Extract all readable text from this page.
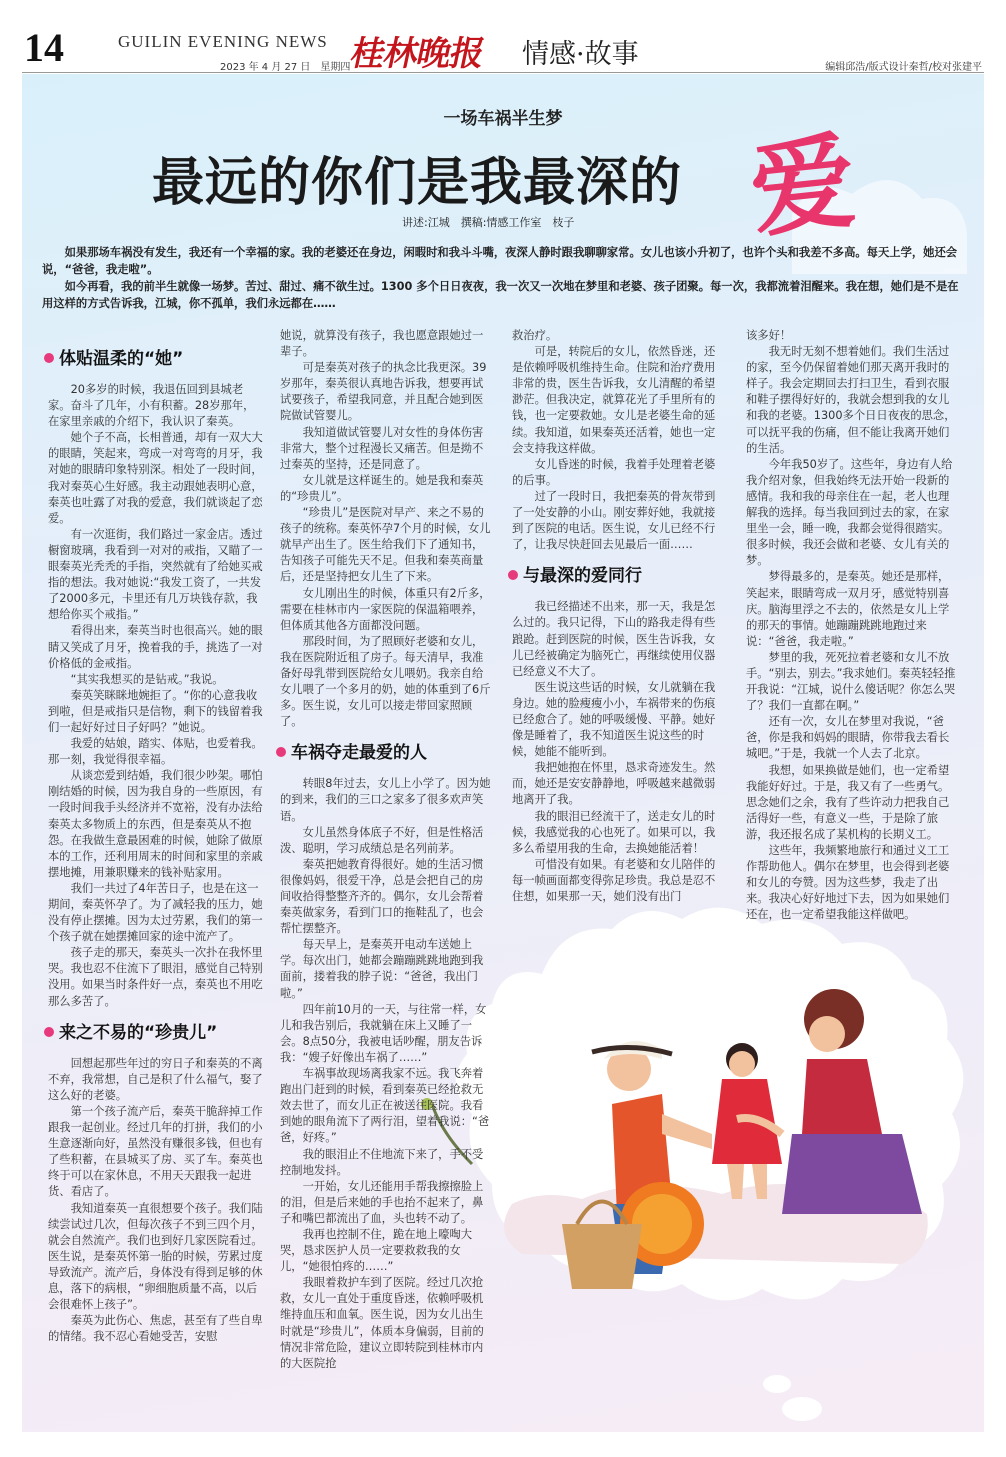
14	GUILIN EVENING NEWS
2023 年 4 月 27 日　星期四
桂林晚报 情感·故事	编辑邱浩/版式设计秦哲/校对张建平
一场车祸半生梦
最远的你们是我最深的 爱
讲述:江城　撰稿:情感工作室　枝子

如果那场车祸没有发生，我还有一个幸福的家。我的老婆还在身边，闲暇时和我斗斗嘴，夜深人静时跟我聊聊家常。女儿也该小升初了，也许个头和我差不多高。每天上学，她还会说，“爸爸，我走啦”。

如今再看，我的前半生就像一场梦。苦过、甜过、痛不欲生过。1300 多个日日夜夜，我一次又一次地在梦里和老婆、孩子团聚。每一次，我都流着泪醒来。我在想，她们是不是在用这样的方式告诉我，江城，你不孤单，我们永远都在……

体贴温柔的“她”

20多岁的时候，我退伍回到县城老家。奋斗了几年，小有积蓄。28岁那年，在家里亲戚的介绍下，我认识了秦英。

她个子不高，长相普通，却有一双大大的眼睛，笑起来，弯成一对弯弯的月牙，我对她的眼睛印象特别深。相处了一段时间，我对秦英心生好感。我主动跟她表明心意，秦英也吐露了对我的爱意，我们就谈起了恋爱。

有一次逛街，我们路过一家金店。透过橱窗玻璃，我看到一对对的戒指，又瞄了一眼秦英光秃秃的手指，突然就有了给她买戒指的想法。我对她说:“我发工资了，一共发了2000多元，卡里还有几万块钱存款，我想给你买个戒指。”

看得出来，秦英当时也很高兴。她的眼睛又笑成了月牙，挽着我的手，挑选了一对价格低的金戒指。

“其实我想买的是钻戒。”我说。

秦英笑眯眯地婉拒了。“你的心意我收到啦，但是戒指只是信物，剩下的钱留着我们一起好好过日子好吗？”她说。

我爱的姑娘，踏实、体贴，也爱着我。那一刻，我觉得很幸福。

从谈恋爱到结婚，我们很少吵架。哪怕刚结婚的时候，因为我自身的一些原因，有一段时间我手头经济并不宽裕，没有办法给秦英太多物质上的东西，但是秦英从不抱怨。在我做生意最困难的时候，她除了做原本的工作，还利用周末的时间和家里的亲戚摆地摊，用兼职赚来的钱补贴家用。

我们一共过了4年苦日子，也是在这一期间，秦英怀孕了。为了减轻我的压力，她没有停止摆摊。因为太过劳累，我们的第一个孩子就在她摆摊回家的途中流产了。

孩子走的那天，秦英头一次扑在我怀里哭。我也忍不住流下了眼泪，感觉自己特别没用。如果当时条件好一点，秦英也不用吃那么多苦了。

来之不易的“珍贵儿”

回想起那些年过的穷日子和秦英的不离不弃，我常想，自己是积了什么福气，娶了这么好的老婆。

第一个孩子流产后，秦英干脆辞掉工作跟我一起创业。经过几年的打拼，我们的小生意逐渐向好，虽然没有赚很多钱，但也有了些积蓄，在县城买了房、买了车。秦英也终于可以在家休息，不用天天跟我一起进货、看店了。

我知道秦英一直很想要个孩子。我们陆续尝试过几次，但每次孩子不到三四个月，就会自然流产。我们也到好几家医院看过。医生说，是秦英怀第一胎的时候，劳累过度导致流产。流产后，身体没有得到足够的休息，落下的病根，“卵细胞质量不高，以后会很难怀上孩子”。

秦英为此伤心、焦虑，甚至有了些自卑的情绪。我不忍心看她受苦，安慰

她说，就算没有孩子，我也愿意跟她过一辈子。

可是秦英对孩子的执念比我更深。39岁那年，秦英很认真地告诉我，想要再试试要孩子，希望我同意，并且配合她到医院做试管婴儿。

我知道做试管婴儿对女性的身体伤害非常大，整个过程漫长又痛苦。但是拗不过秦英的坚持，还是同意了。

女儿就是这样诞生的。她是我和秦英的“珍贵儿”。

“珍贵儿”是医院对早产、来之不易的孩子的统称。秦英怀孕7个月的时候，女儿就早产出生了。医生给我们下了通知书，告知孩子可能先天不足。但我和秦英商量后，还是坚持把女儿生了下来。

女儿刚出生的时候，体重只有2斤多，需要在桂林市内一家医院的保温箱喂养，但体质其他各方面都没问题。

那段时间，为了照顾好老婆和女儿，我在医院附近租了房子。每天清早，我准备好母乳带到医院给女儿喂奶。我亲自给女儿喂了一个多月的奶，她的体重到了6斤多。医生说，女儿可以接走带回家照顾了。

车祸夺走最爱的人

转眼8年过去，女儿上小学了。因为她的到来，我们的三口之家多了很多欢声笑语。

女儿虽然身体底子不好，但是性格活泼、聪明，学习成绩总是名列前茅。

秦英把她教育得很好。她的生活习惯很像妈妈，很爱干净，总是会把自己的房间收拾得整整齐齐的。偶尔，女儿会帮着秦英做家务，看到门口的拖鞋乱了，也会帮忙摆整齐。

每天早上，是秦英开电动车送她上学。每次出门，她都会蹦蹦跳跳地跑到我面前，搂着我的脖子说：“爸爸，我出门啦。”

四年前10月的一天，与往常一样，女儿和我告别后，我就躺在床上又睡了一会。8点50分，我被电话吵醒，朋友告诉我：“嫂子好像出车祸了……”

车祸事故现场离我家不远。我飞奔着跑出门赶到的时候，看到秦英已经抢救无效去世了，而女儿正在被送往医院。我看到她的眼角流下了两行泪，望着我说：“爸爸，好疼。”

我的眼泪止不住地流下来了，手不受控制地发抖。

一开始，女儿还能用手帮我擦擦脸上的泪，但是后来她的手也抬不起来了，鼻子和嘴巴都流出了血，头也转不动了。

我再也控制不住，跪在地上嚎啕大哭，恳求医护人员一定要救救我的女儿，“她很怕疼的……”

我眼着救护车到了医院。经过几次抢救，女儿一直处于重度昏迷，依赖呼吸机维持血压和血氧。医生说，因为女儿出生时就是“珍贵儿”，体质本身偏弱，目前的情况非常危险，建议立即转院到桂林市内的大医院抢

救治疗。

可是，转院后的女儿，依然昏迷，还是依赖呼吸机维持生命。住院和治疗费用非常的贵，医生告诉我，女儿清醒的希望渺茫。但我决定，就算花光了手里所有的钱，也一定要救她。女儿是老婆生命的延续。我知道，如果秦英还活着，她也一定会支持我这样做。

女儿昏迷的时候，我着手处理着老婆的后事。

过了一段时日，我把秦英的骨灰带到了一处安静的小山。刚安葬好她，我就接到了医院的电话。医生说，女儿已经不行了，让我尽快赶回去见最后一面……

与最深的爱同行

我已经描述不出来，那一天，我是怎么过的。我只记得，下山的路我走得有些踉跄。赶到医院的时候，医生告诉我，女儿已经被确定为脑死亡，再继续使用仪器已经意义不大了。

医生说这些话的时候，女儿就躺在我身边。她的脸瘦瘦小小，车祸带来的伤痕已经愈合了。她的呼吸缓慢、平静。她好像是睡着了，我不知道医生说这些的时候，她能不能听到。

我把她抱在怀里，恳求奇迹发生。然而，她还是安安静静地，呼吸越来越微弱地离开了我。

我的眼泪已经流干了，送走女儿的时候，我感觉我的心也死了。如果可以，我多么希望用我的生命，去换她能活着！

可惜没有如果。有老婆和女儿陪伴的每一帧画面都变得弥足珍贵。我总是忍不住想，如果那一天，她们没有出门

该多好！

我无时无刻不想着她们。我们生活过的家，至今仍保留着她们那天离开我时的样子。我会定期回去打扫卫生，看到衣服和鞋子摆得好好的，我就会想到我的女儿和我的老婆。1300多个日日夜夜的思念，可以抚平我的伤痛，但不能让我离开她们的生活。

今年我50岁了。这些年，身边有人给我介绍对象，但我始终无法开始一段新的感情。我和我的母亲住在一起，老人也理解我的选择。每当我回到过去的家，在家里坐一会，睡一晚，我都会觉得很踏实。很多时候，我还会做和老婆、女儿有关的梦。

梦得最多的，是秦英。她还是那样，笑起来，眼睛弯成一双月牙，感觉特别喜庆。脑海里浮之不去的，依然是女儿上学的那天的事情。她蹦蹦跳跳地跑过来说：“爸爸，我走啦。”

梦里的我，死死拉着老婆和女儿不放手。“别去，别去。”我求她们。秦英轻轻推开我说：“江城，说什么傻话呢？你怎么哭了？我们一直都在啊。”

还有一次，女儿在梦里对我说，“爸爸，你是我和妈妈的眼睛，你带我去看长城吧。”于是，我就一个人去了北京。

我想，如果换做是她们，也一定希望我能好好过。于是，我又有了一些勇气。思念她们之余，我有了些许动力把我自己活得好一些，有意义一些，于是除了旅游，我还报名成了某机构的长期义工。

这些年，我频繁地旅行和通过义工工作帮助他人。偶尔在梦里，也会得到老婆和女儿的夸赞。因为这些梦，我走了出来。我决心好好地过下去，因为如果她们还在，也一定希望我能这样做吧。
